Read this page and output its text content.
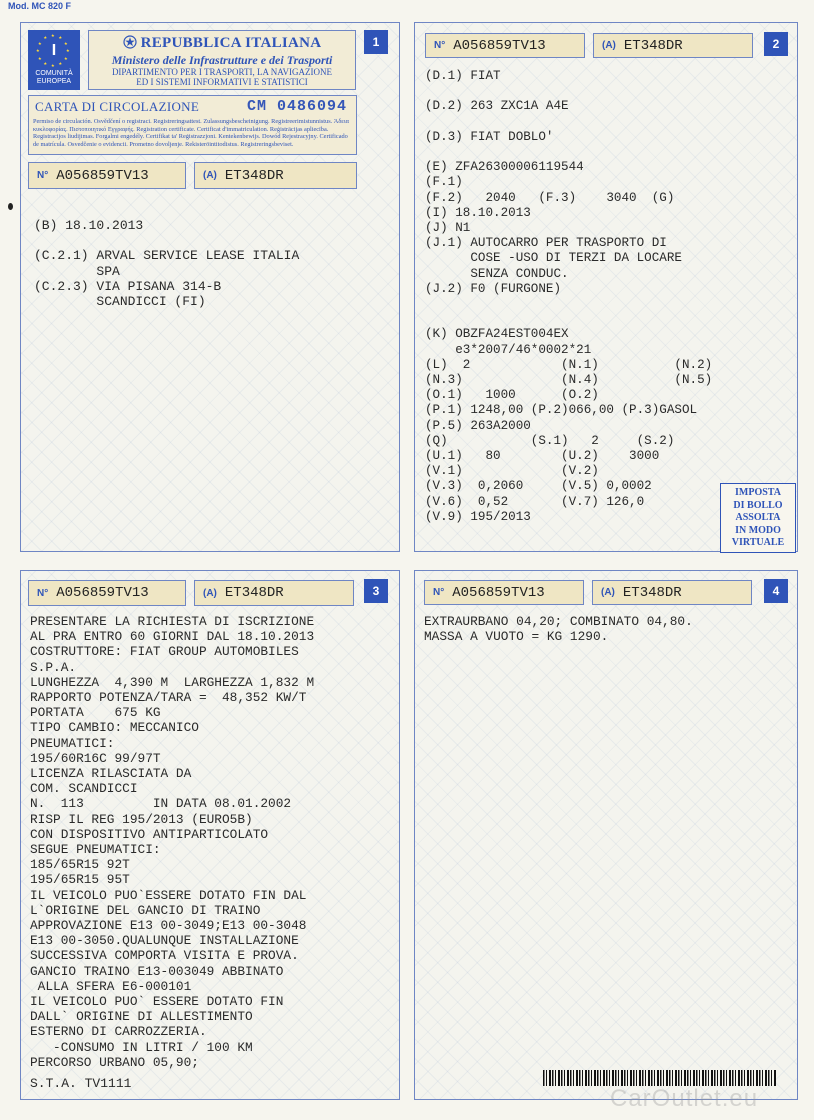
Mod. MC 820 F
1
I	★
★
★
★
★
★
★
★
★ ★ ★
★
COMUNITÀ
EUROPEA
REPUBBLICA ITALIANA
Ministero delle Infrastrutture e dei Trasporti
DIPARTIMENTO PER I TRASPORTI, LA NAVIGAZIONE
ED I SISTEMI INFORMATIVI E STATISTICI
CARTA DI CIRCOLAZIONE	CM 0486094
Permiso de circulación. Osvědčení o registraci. Registreringsattest. Zulassungsbescheinigung. Registreerimistunnistus. Άδεια κυκλοφορίας. Πιστοποιητικό Εγγραφής. Registration certificate. Certificat d'immatriculation. Reģistrācijas apliecība. Registracijos liudijimas. Forgalmi engedély. Certifikat ta' Reġistrazzjoni. Kentekenbewijs. Dowód Rejestracyjny. Certificado de matrícula. Osvedčenie o evidencii. Prometno dovoljenje. Rekisteröintitodistus. Registreringsbeviset.
N° A056859TV13	(A) ET348DR
(B) 18.10.2013

(C.2.1) ARVAL SERVICE LEASE ITALIA
SPA
(C.2.3) VIA PISANA 314-B
SCANDICCI (FI)
2
N° A056859TV13	(A) ET348DR
(D.1) FIAT

(D.2) 263 ZXC1A A4E

(D.3) FIAT DOBLO'

(E) ZFA26300006119544
(F.1)
(F.2)   2040   (F.3)    3040  (G)
(I) 18.10.2013
(J) N1
(J.1) AUTOCARRO PER TRASPORTO DI
COSE -USO DI TERZI DA LOCARE
SENZA CONDUC.
(J.2) F0 (FURGONE)

(K) OBZFA24EST004EX
e3*2007/46*0002*21
(L)  2            (N.1)          (N.2)
(N.3)             (N.4)          (N.5)
(O.1)   1000      (O.2)
(P.1) 1248,00 (P.2)066,00 (P.3)GASOL
(P.5) 263A2000
(Q)           (S.1)   2     (S.2)
(U.1)   80        (U.2)    3000
(V.1)             (V.2)
(V.3)  0,2060     (V.5) 0,0002
(V.6)  0,52       (V.7) 126,0
(V.9) 195/2013
IMPOSTA
DI BOLLO
ASSOLTA
IN MODO
VIRTUALE
3
N° A056859TV13	(A) ET348DR
PRESENTARE LA RICHIESTA DI ISCRIZIONE
AL PRA ENTRO 60 GIORNI DAL 18.10.2013
COSTRUTTORE: FIAT GROUP AUTOMOBILES
S.P.A.
LUNGHEZZA  4,390 M  LARGHEZZA 1,832 M
RAPPORTO POTENZA/TARA =  48,352 KW/T
PORTATA    675 KG
TIPO CAMBIO: MECCANICO
PNEUMATICI:
195/60R16C 99/97T
LICENZA RILASCIATA DA
COM. SCANDICCI
N.  113         IN DATA 08.01.2002
RISP IL REG 195/2013 (EURO5B)
CON DISPOSITIVO ANTIPARTICOLATO
SEGUE PNEUMATICI:
185/65R15 92T
195/65R15 95T
IL VEICOLO PUO`ESSERE DOTATO FIN DAL
L`ORIGINE DEL GANCIO DI TRAINO
APPROVAZIONE E13 00-3049;E13 00-3048
E13 00-3050.QUALUNQUE INSTALLAZIONE
SUCCESSIVA COMPORTA VISITA E PROVA.
GANCIO TRAINO E13-003049 ABBINATO
ALLA SFERA E6-000101
IL VEICOLO PUO` ESSERE DOTATO FIN
DALL` ORIGINE DI ALLESTIMENTO
ESTERNO DI CARROZZERIA.
-CONSUMO IN LITRI / 100 KM
PERCORSO URBANO 05,90;
S.T.A. TV1111
4
N° A056859TV13	(A) ET348DR
EXTRAURBANO 04,20; COMBINATO 04,80.
MASSA A VUOTO = KG 1290.
CarOutlet.eu
